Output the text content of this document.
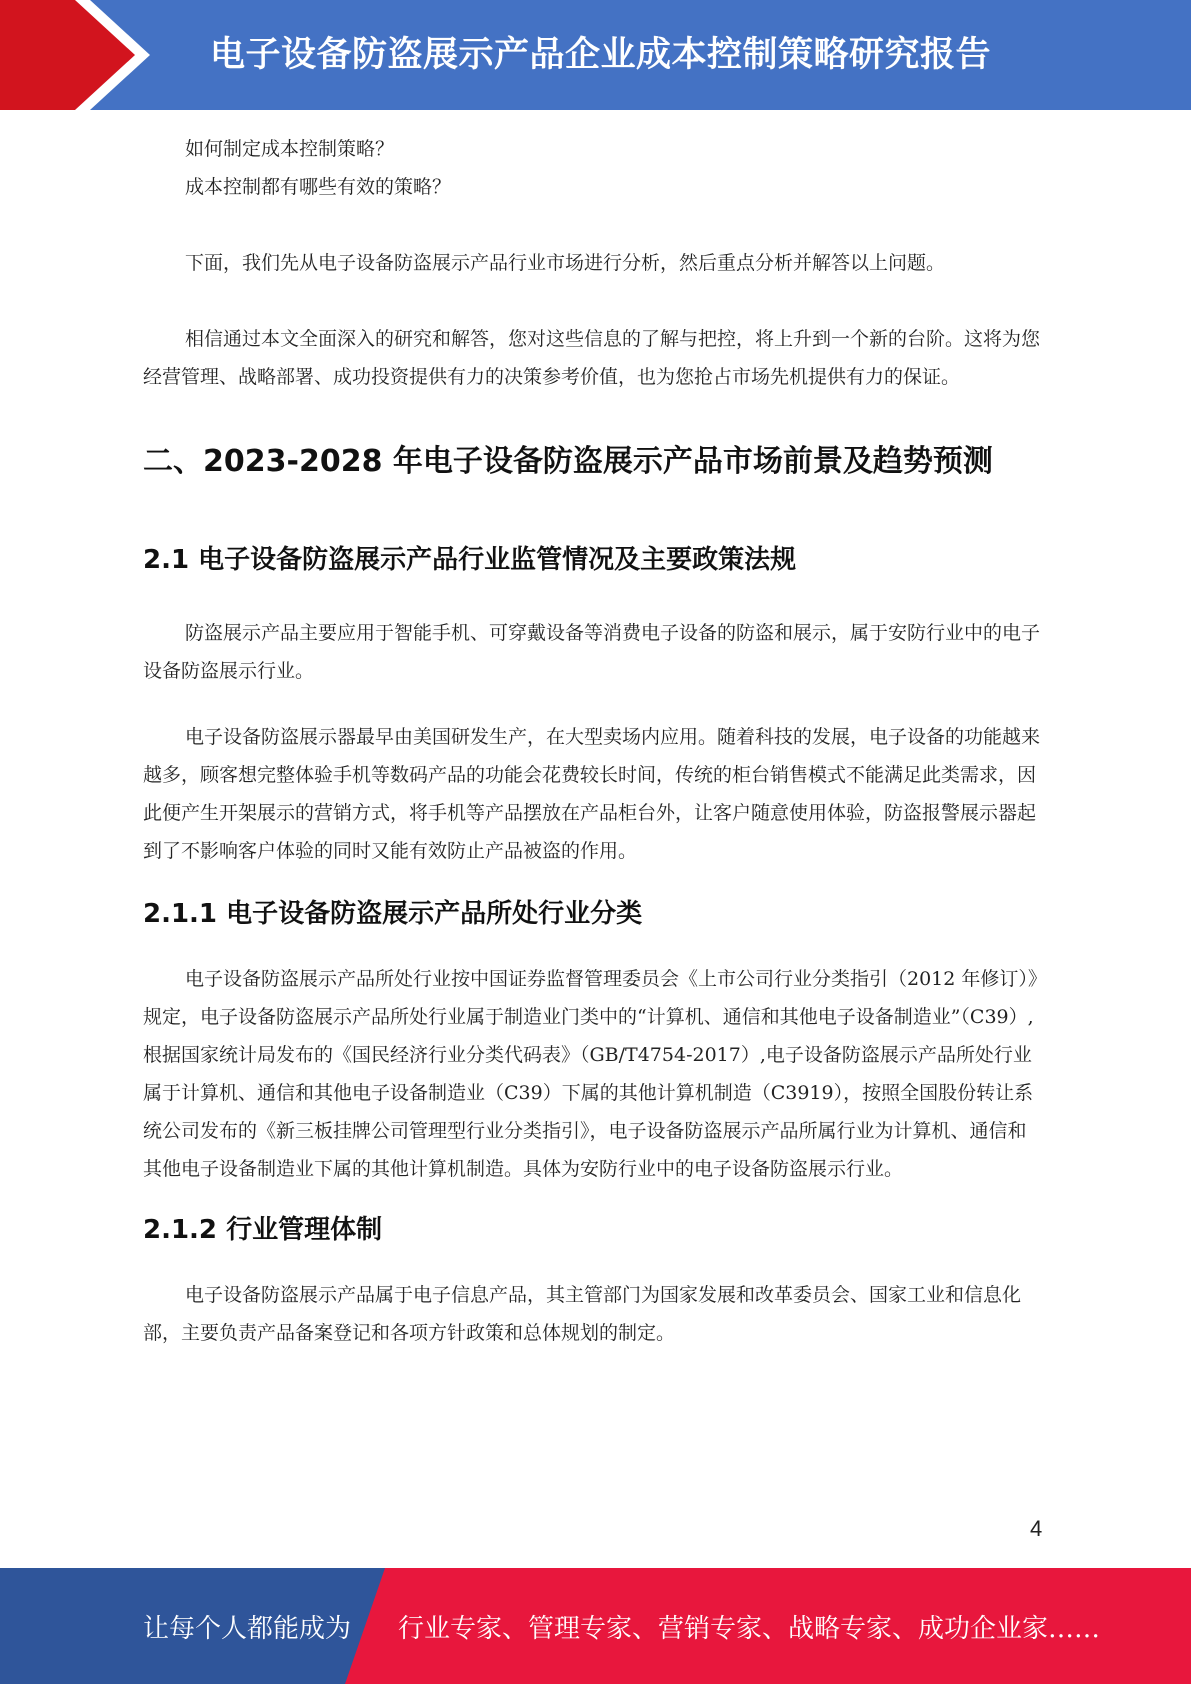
电子设备防盗展示产品企业成本控制策略研究报告

如何制定成本控制策略？

成本控制都有哪些有效的策略？

下面，我们先从电子设备防盗展示产品行业市场进行分析，然后重点分析并解答以上问题。

相信通过本文全面深入的研究和解答，您对这些信息的了解与把控，将上升到一个新的台阶。这将为您经营管理、战略部署、成功投资提供有力的决策参考价值，也为您抢占市场先机提供有力的保证。

二、2023-2028 年电子设备防盗展示产品市场前景及趋势预测
2.1 电子设备防盗展示产品行业监管情况及主要政策法规

防盗展示产品主要应用于智能手机、可穿戴设备等消费电子设备的防盗和展示，属于安防行业中的电子设备防盗展示行业。

电子设备防盗展示器最早由美国研发生产，在大型卖场内应用。随着科技的发展，电子设备的功能越来越多，顾客想完整体验手机等数码产品的功能会花费较长时间，传统的柜台销售模式不能满足此类需求，因此便产生开架展示的营销方式，将手机等产品摆放在产品柜台外，让客户随意使用体验，防盗报警展示器起到了不影响客户体验的同时又能有效防止产品被盗的作用。

2.1.1 电子设备防盗展示产品所处行业分类

电子设备防盗展示产品所处行业按中国证券监督管理委员会《上市公司行业分类指引（2012 年修订）》规定，电子设备防盗展示产品所处行业属于制造业门类中的“计算机、通信和其他电子设备制造业”（C39）,根据国家统计局发布的《国民经济行业分类代码表》（GB/T4754-2017）,电子设备防盗展示产品所处行业属于计算机、通信和其他电子设备制造业（C39）下属的其他计算机制造（C3919），按照全国股份转让系统公司发布的《新三板挂牌公司管理型行业分类指引》，电子设备防盗展示产品所属行业为计算机、通信和其他电子设备制造业下属的其他计算机制造。具体为安防行业中的电子设备防盗展示行业。

2.1.2 行业管理体制

电子设备防盗展示产品属于电子信息产品，其主管部门为国家发展和改革委员会、国家工业和信息化部，主要负责产品备案登记和各项方针政策和总体规划的制定。

4
让每个人都能成为 行业专家、管理专家、营销专家、战略专家、成功企业家……
